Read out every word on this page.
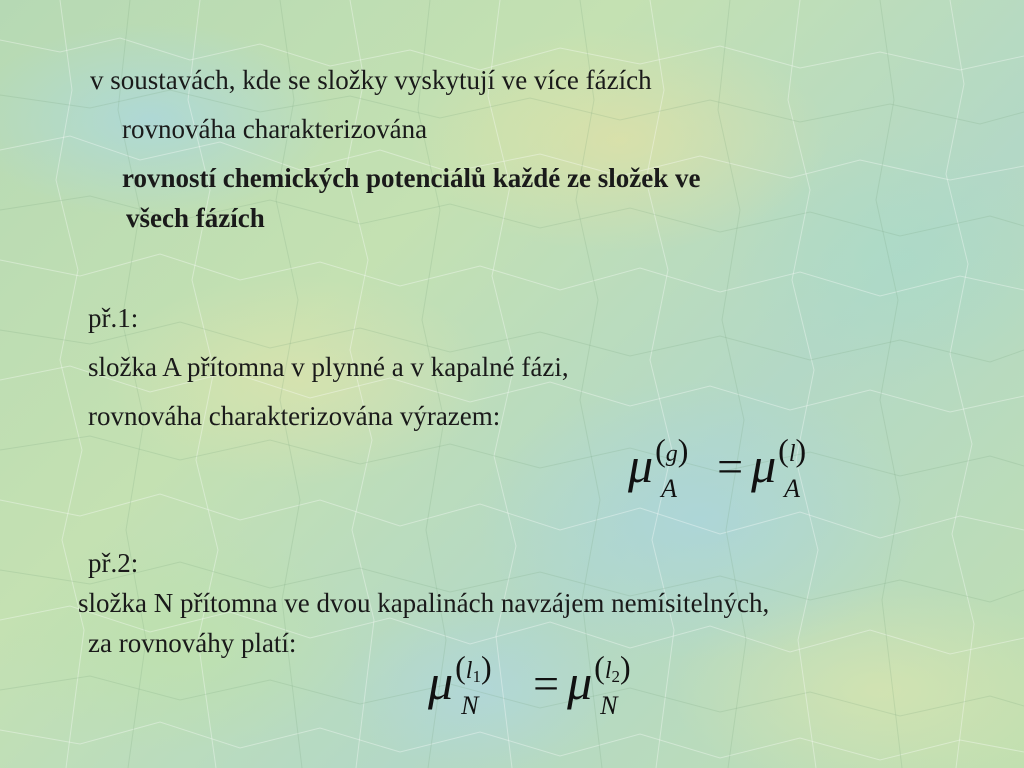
v soustavách, kde se složky vyskytují ve více fázích

rovnováha charakterizována

rovností chemických potenciálů každé ze složek ve

všech fázích

př.1:

složka A přítomna v plynné a v kapalné fázi,

rovnováha charakterizována výrazem:

μ (g)
A = μ (l)
A

př.2:

složka N přítomna ve dvou kapalinách navzájem nemísitelných,

za rovnováhy platí:

μ (l1)
N = μ (l2)
N
